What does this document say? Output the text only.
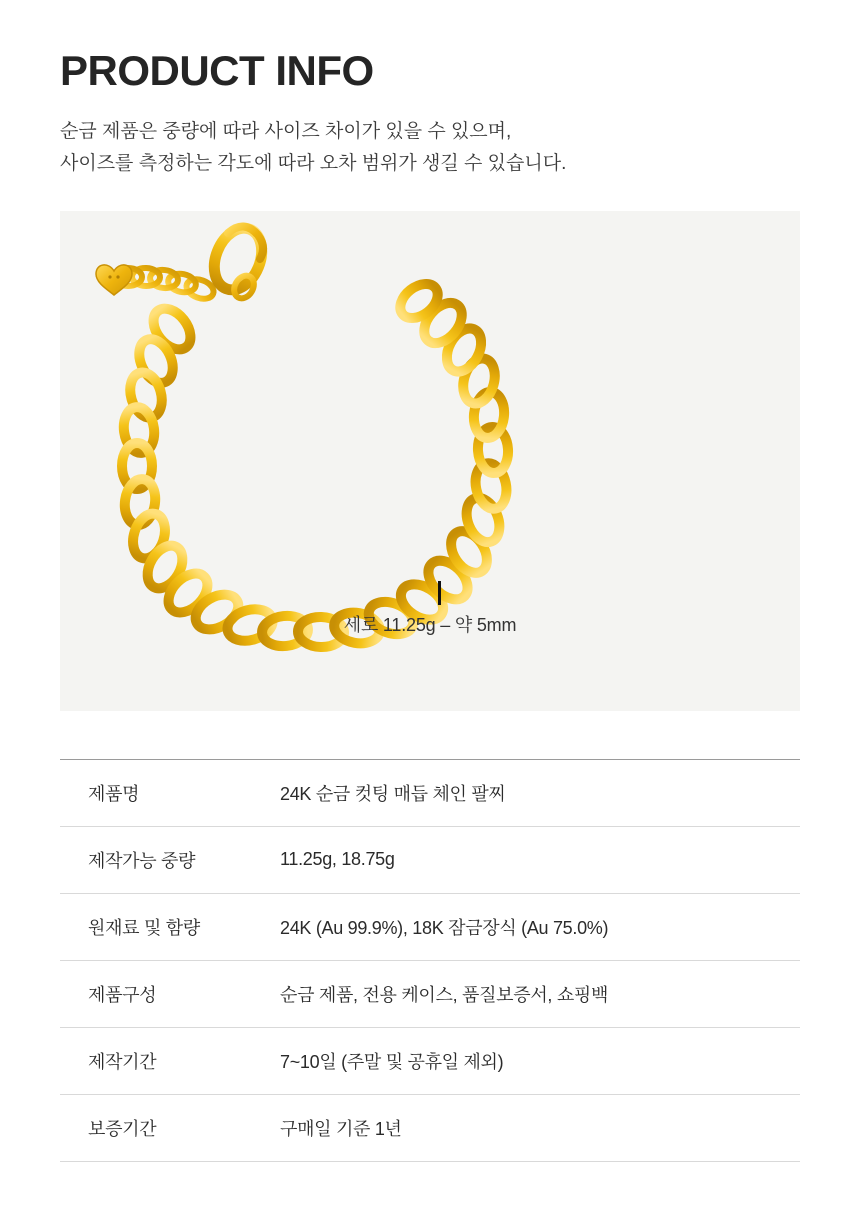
PRODUCT INFO
순금 제품은 중량에 따라 사이즈 차이가 있을 수 있으며,
사이즈를 측정하는 각도에 따라 오차 범위가 생길 수 있습니다.
세로 11.25g – 약 5mm
제품명	24K 순금 컷팅 매듭 체인 팔찌
제작가능 중량	11.25g, 18.75g
원재료 및 함량	24K (Au 99.9%), 18K 잠금장식 (Au 75.0%)
제품구성	순금 제품, 전용 케이스, 품질보증서, 쇼핑백
제작기간	7~10일 (주말 및 공휴일 제외)
보증기간	구매일 기준 1년
